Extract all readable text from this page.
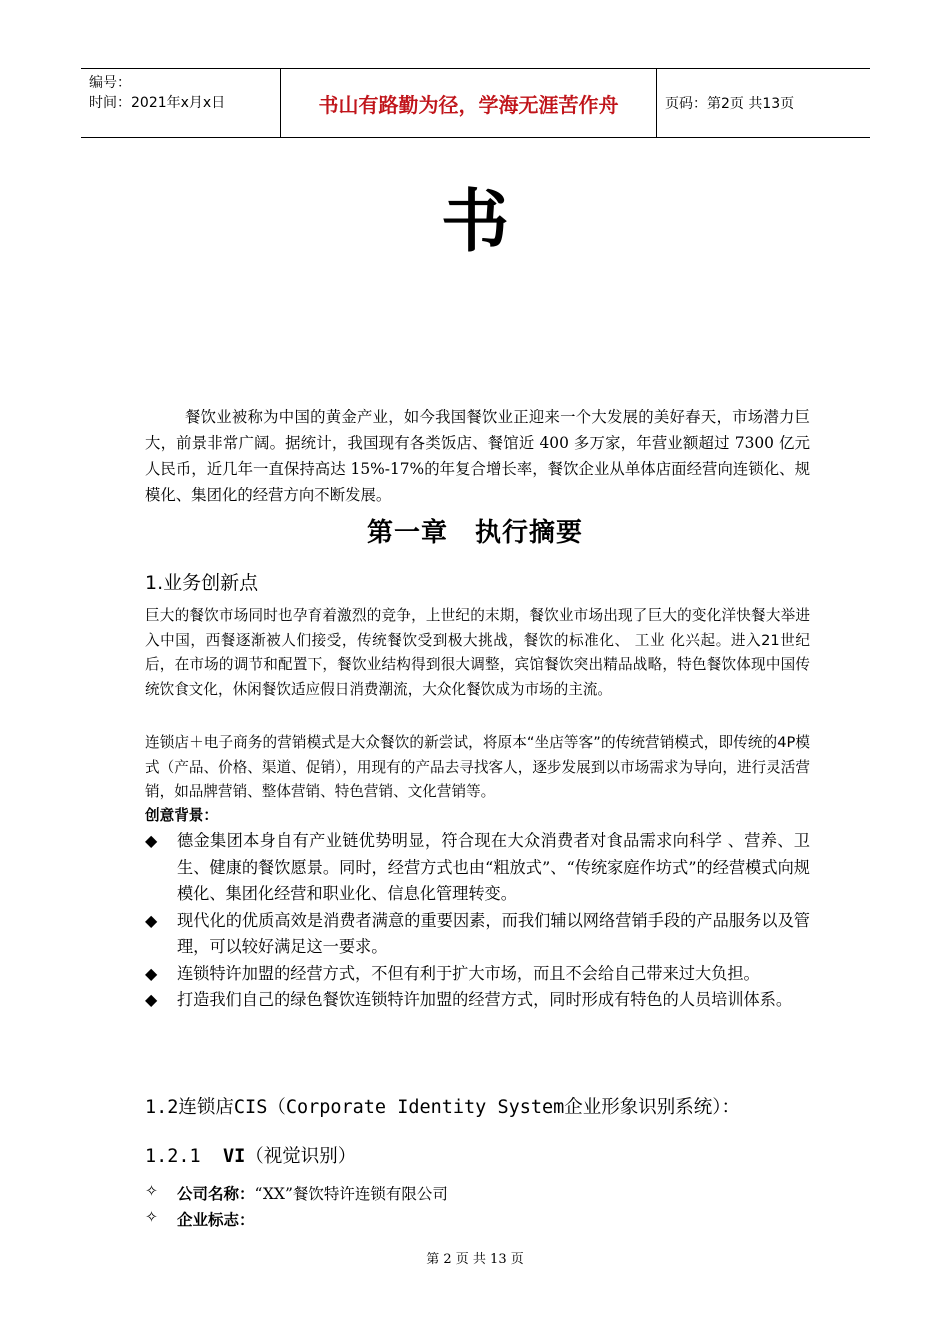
编号：
时间：2021年x月x日	书山有路勤为径，学海无涯苦作舟	页码：第2页 共13页
书
餐饮业被称为中国的黄金产业，如今我国餐饮业正迎来一个大发展的美好春天，市场潜力巨大，前景非常广阔。据统计，我国现有各类饭店、餐馆近 400 多万家，年营业额超过 7300 亿元人民币，近几年一直保持高达 15%-17%的年复合增长率，餐饮企业从单体店面经营向连锁化、规模化、集团化的经营方向不断发展。
第一章　执行摘要
1.业务创新点
巨大的餐饮市场同时也孕育着激烈的竞争，上世纪的末期，餐饮业市场出现了巨大的变化洋快餐大举进入中国，西餐逐渐被人们接受，传统餐饮受到极大挑战，餐饮的标准化、 工业 化兴起。进入21世纪后，在市场的调节和配置下，餐饮业结构得到很大调整，宾馆餐饮突出精品战略，特色餐饮体现中国传统饮食文化，休闲餐饮适应假日消费潮流，大众化餐饮成为市场的主流。
连锁店＋电子商务的营销模式是大众餐饮的新尝试，将原本“坐店等客”的传统营销模式，即传统的4P模式（产品、价格、渠道、促销），用现有的产品去寻找客人，逐步发展到以市场需求为导向，进行灵活营销，如品牌营销、整体营销、特色营销、文化营销等。
创意背景：
◆	德金集团本身自有产业链优势明显，符合现在大众消费者对食品需求向科学 、营养、卫生、健康的餐饮愿景。同时，经营方式也由“粗放式”、“传统家庭作坊式”的经营模式向规模化、集团化经营和职业化、信息化管理转变。
◆	现代化的优质高效是消费者满意的重要因素，而我们辅以网络营销手段的产品服务以及管理，可以较好满足这一要求。
◆	连锁特许加盟的经营方式，不但有利于扩大市场，而且不会给自己带来过大负担。
◆	打造我们自己的绿色餐饮连锁特许加盟的经营方式，同时形成有特色的人员培训体系。
1.2连锁店CIS（Corporate Identity System企业形象识别系统）：
1.2.1 VI（视觉识别）
✧	公司名称： “XX”餐饮特许连锁有限公司
✧	企业标志：
第 2 页 共 13 页
